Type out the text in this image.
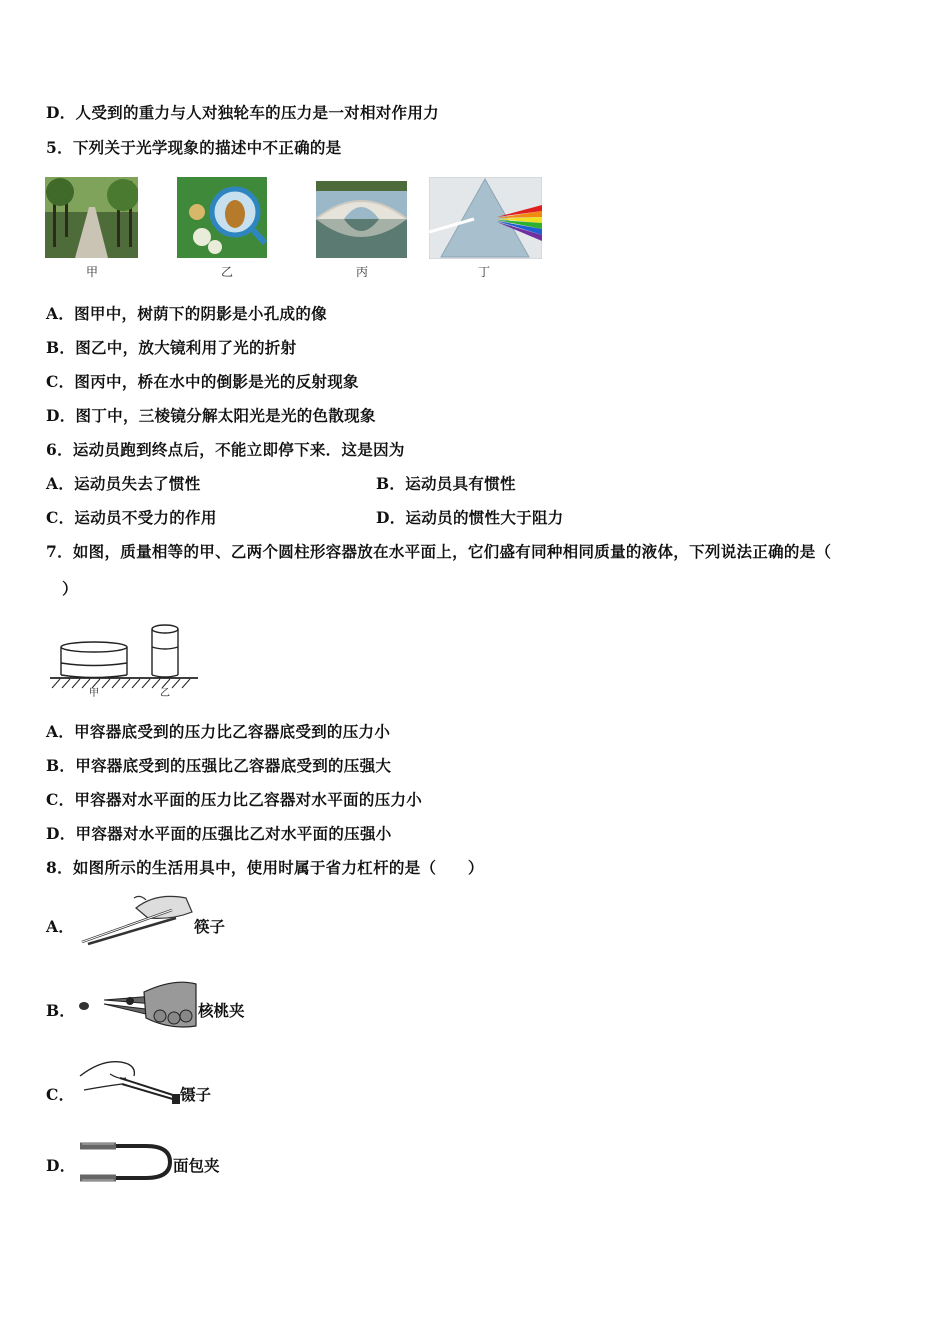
D．人受到的重力与人对独轮车的压力是一对相对作用力
5．下列关于光学现象的描述中不正确的是
甲	乙	丙	丁
A．图甲中，树荫下的阴影是小孔成的像
B．图乙中，放大镜利用了光的折射
C．图丙中，桥在水中的倒影是光的反射现象
D．图丁中，三棱镜分解太阳光是光的色散现象
6．运动员跑到终点后，不能立即停下来．这是因为
A．运动员失去了惯性	B．运动员具有惯性
C．运动员不受力的作用	D．运动员的惯性大于阻力
7．如图，质量相等的甲、乙两个圆柱形容器放在水平面上，它们盛有同种相同质量的液体，下列说法正确的是（
）
甲	乙
A．甲容器底受到的压力比乙容器底受到的压力小
B．甲容器底受到的压强比乙容器底受到的压强大
C．甲容器对水平面的压力比乙容器对水平面的压力小
D．甲容器对水平面的压强比乙对水平面的压强小
8．如图所示的生活用具中，使用时属于省力杠杆的是（　　）
A．	筷子
B．	核桃夹
C．	镊子
D．	面包夹
